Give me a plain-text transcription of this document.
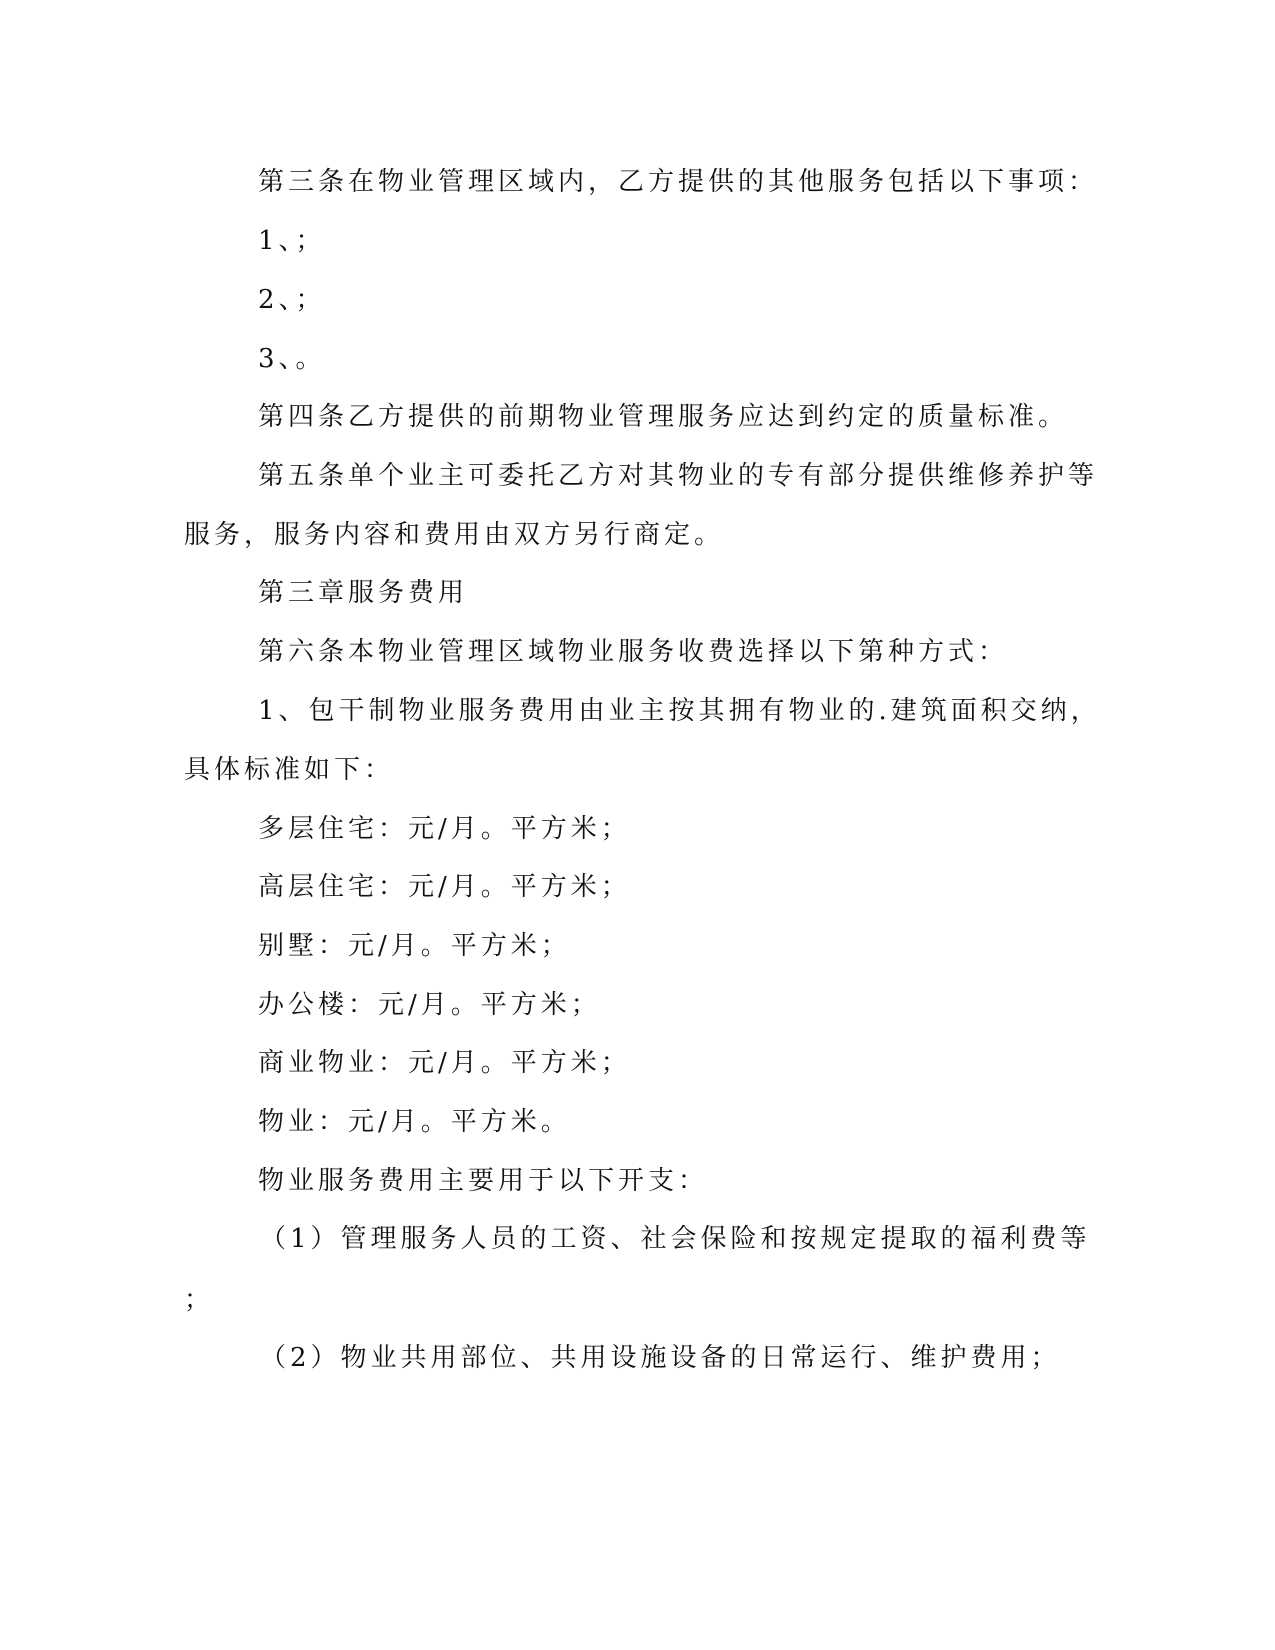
第三条在物业管理区域内，乙方提供的其他服务包括以下事项：
1、；
2、；
3、。
第四条乙方提供的前期物业管理服务应达到约定的质量标准。
第五条单个业主可委托乙方对其物业的专有部分提供维修养护等
服务，服务内容和费用由双方另行商定。
第三章服务费用
第六条本物业管理区域物业服务收费选择以下第种方式：
1、包干制物业服务费用由业主按其拥有物业的.建筑面积交纳，
具体标准如下：
多层住宅：元/月。平方米；
高层住宅：元/月。平方米；
别墅：元/月。平方米；
办公楼：元/月。平方米；
商业物业：元/月。平方米；
物业：元/月。平方米。
物业服务费用主要用于以下开支：
（1）管理服务人员的工资、社会保险和按规定提取的福利费等
；
（2）物业共用部位、共用设施设备的日常运行、维护费用；
